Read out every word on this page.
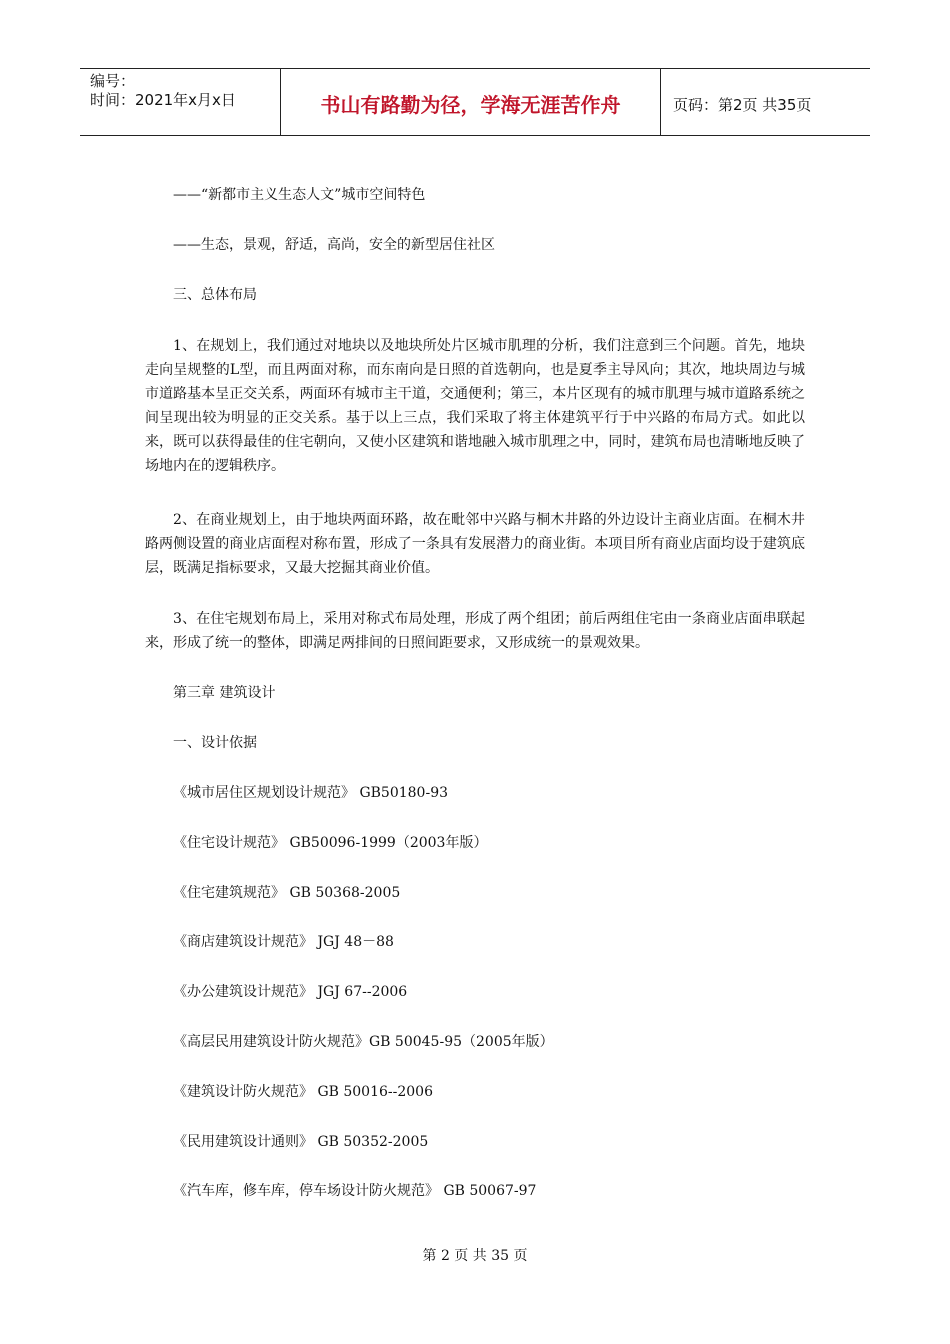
编号：
时间：2021年x月x日	书山有路勤为径，学海无涯苦作舟	页码：第2页 共35页
——“新都市主义生态人文”城市空间特色
——生态，景观，舒适，高尚，安全的新型居住社区
三、总体布局
1、在规划上，我们通过对地块以及地块所处片区城市肌理的分析，我们注意到三个问题。首先，地块走向呈规整的L型，而且两面对称，而东南向是日照的首选朝向，也是夏季主导风向；其次，地块周边与城市道路基本呈正交关系，两面环有城市主干道，交通便利；第三，本片区现有的城市肌理与城市道路系统之间呈现出较为明显的正交关系。基于以上三点，我们采取了将主体建筑平行于中兴路的布局方式。如此以来，既可以获得最佳的住宅朝向，又使小区建筑和谐地融入城市肌理之中，同时，建筑布局也清晰地反映了场地内在的逻辑秩序。
2、在商业规划上，由于地块两面环路，故在毗邻中兴路与桐木井路的外边设计主商业店面。在桐木井路两侧设置的商业店面程对称布置，形成了一条具有发展潜力的商业街。本项目所有商业店面均设于建筑底层，既满足指标要求，又最大挖掘其商业价值。
3、在住宅规划布局上，采用对称式布局处理，形成了两个组团；前后两组住宅由一条商业店面串联起来，形成了统一的整体，即满足两排间的日照间距要求，又形成统一的景观效果。
第三章 建筑设计
一、设计依据
《城市居住区规划设计规范》 GB50180-93
《住宅设计规范》 GB50096-1999（2003年版）
《住宅建筑规范》 GB 50368-2005
《商店建筑设计规范》 JGJ 48－88
《办公建筑设计规范》 JGJ 67--2006
《高层民用建筑设计防火规范》GB 50045-95（2005年版）
《建筑设计防火规范》 GB 50016--2006
《民用建筑设计通则》 GB 50352-2005
《汽车库，修车库，停车场设计防火规范》 GB 50067-97
第 2 页 共 35 页
